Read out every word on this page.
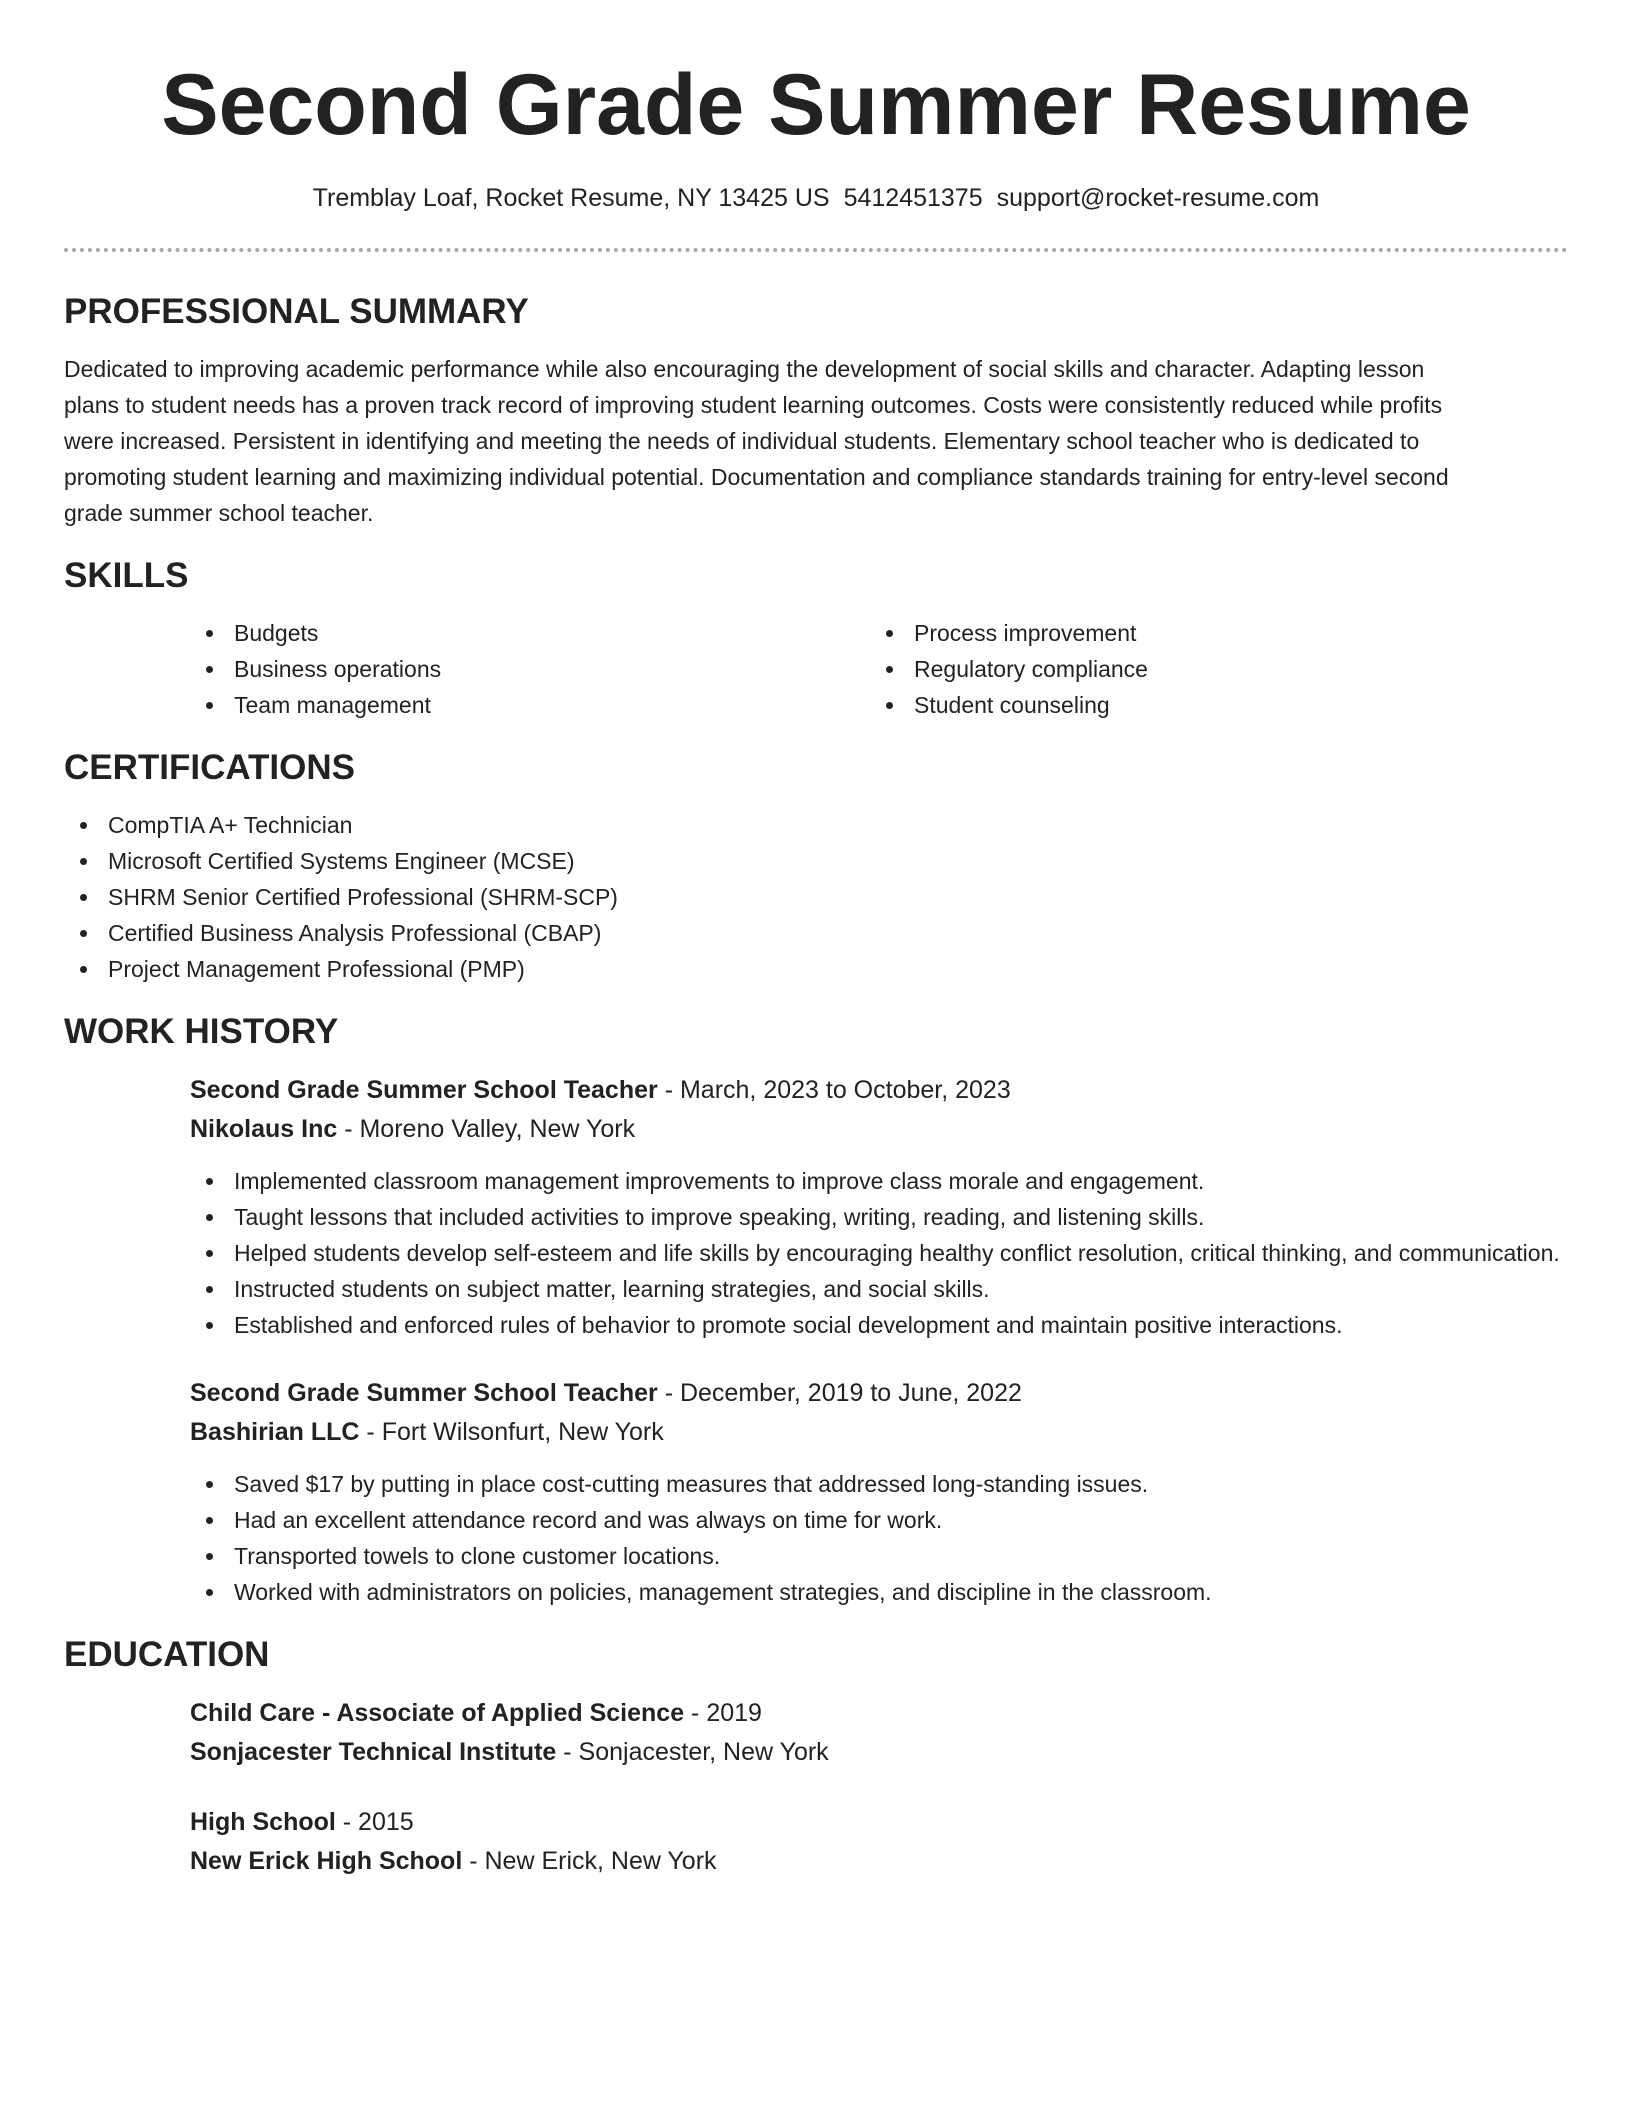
Second Grade Summer Resume
Tremblay Loaf, Rocket Resume, NY 13425 US 5412451375 support@rocket-resume.com
PROFESSIONAL SUMMARY

Dedicated to improving academic performance while also encouraging the development of social skills and character. Adapting lesson plans to student needs has a proven track record of improving student learning outcomes. Costs were consistently reduced while profits were increased. Persistent in identifying and meeting the needs of individual students. Elementary school teacher who is dedicated to promoting student learning and maximizing individual potential. Documentation and compliance standards training for entry-level second grade summer school teacher.

SKILLS
Budgets
Business operations
Team management
Process improvement
Regulatory compliance
Student counseling
CERTIFICATIONS
CompTIA A+ Technician
Microsoft Certified Systems Engineer (MCSE)
SHRM Senior Certified Professional (SHRM-SCP)
Certified Business Analysis Professional (CBAP)
Project Management Professional (PMP)
WORK HISTORY
Second Grade Summer School Teacher - March, 2023 to October, 2023
Nikolaus Inc - Moreno Valley, New York
Implemented classroom management improvements to improve class morale and engagement.
Taught lessons that included activities to improve speaking, writing, reading, and listening skills.
Helped students develop self-esteem and life skills by encouraging healthy conflict resolution, critical thinking, and communication.
Instructed students on subject matter, learning strategies, and social skills.
Established and enforced rules of behavior to promote social development and maintain positive interactions.
Second Grade Summer School Teacher - December, 2019 to June, 2022
Bashirian LLC - Fort Wilsonfurt, New York
Saved $17 by putting in place cost-cutting measures that addressed long-standing issues.
Had an excellent attendance record and was always on time for work.
Transported towels to clone customer locations.
Worked with administrators on policies, management strategies, and discipline in the classroom.
EDUCATION
Child Care - Associate of Applied Science - 2019
Sonjacester Technical Institute - Sonjacester, New York
High School - 2015
New Erick High School - New Erick, New York
